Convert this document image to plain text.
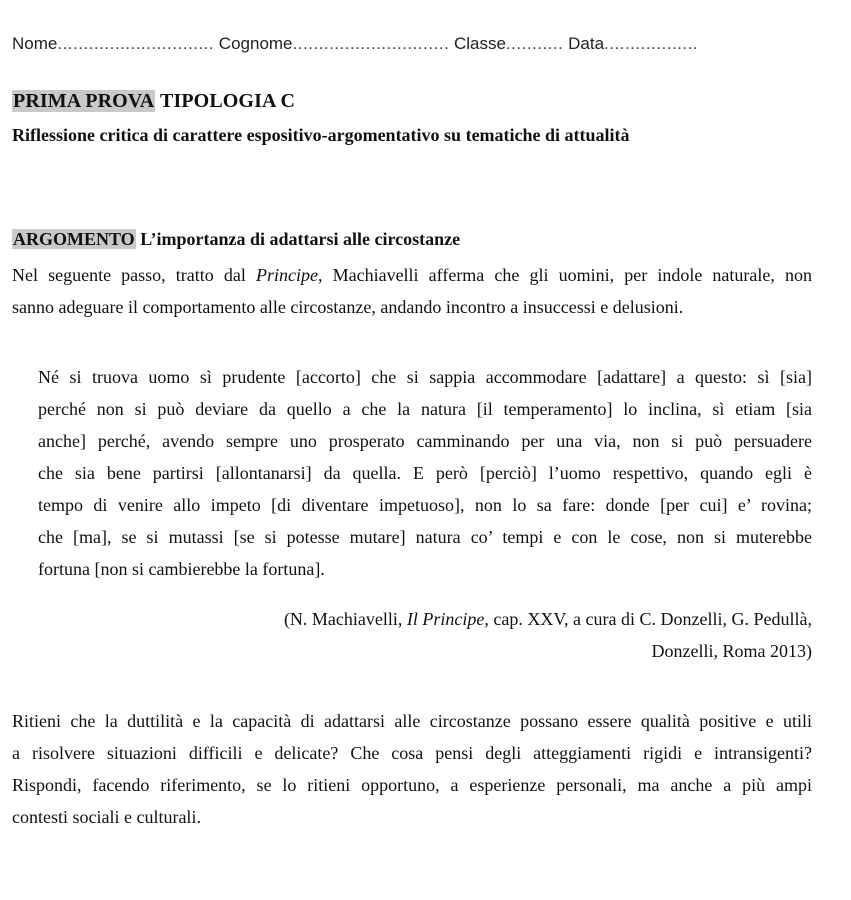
Nome.............................. Cognome.............................. Classe........... Data..................
PRIMA PROVA TIPOLOGIA C
Riflessione critica di carattere espositivo-argomentativo su tematiche di attualità
ARGOMENTO L’importanza di adattarsi alle circostanze
Nel seguente passo, tratto dal Principe, Machiavelli afferma che gli uomini, per indole naturale, non
sanno adeguare il comportamento alle circostanze, andando incontro a insuccessi e delusioni.
Né si truova uomo sì prudente [accorto] che si sappia accommodare [adattare] a questo: sì [sia]
perché non si può deviare da quello a che la natura [il temperamento] lo inclina, sì etiam [sia
anche] perché, avendo sempre uno prosperato camminando per una via, non si può persuadere
che sia bene partirsi [allontanarsi] da quella. E però [perciò] l’uomo respettivo, quando egli è
tempo di venire allo impeto [di diventare impetuoso], non lo sa fare: donde [per cui] e’ rovina;
che [ma], se si mutassi [se si potesse mutare] natura co’ tempi e con le cose, non si muterebbe
fortuna [non si cambierebbe la fortuna].
(N. Machiavelli, Il Principe, cap. XXV, a cura di C. Donzelli, G. Pedullà,
Donzelli, Roma 2013)
Ritieni che la duttilità e la capacità di adattarsi alle circostanze possano essere qualità positive e utili
a risolvere situazioni difficili e delicate? Che cosa pensi degli atteggiamenti rigidi e intransigenti?
Rispondi, facendo riferimento, se lo ritieni opportuno, a esperienze personali, ma anche a più ampi
contesti sociali e culturali.
